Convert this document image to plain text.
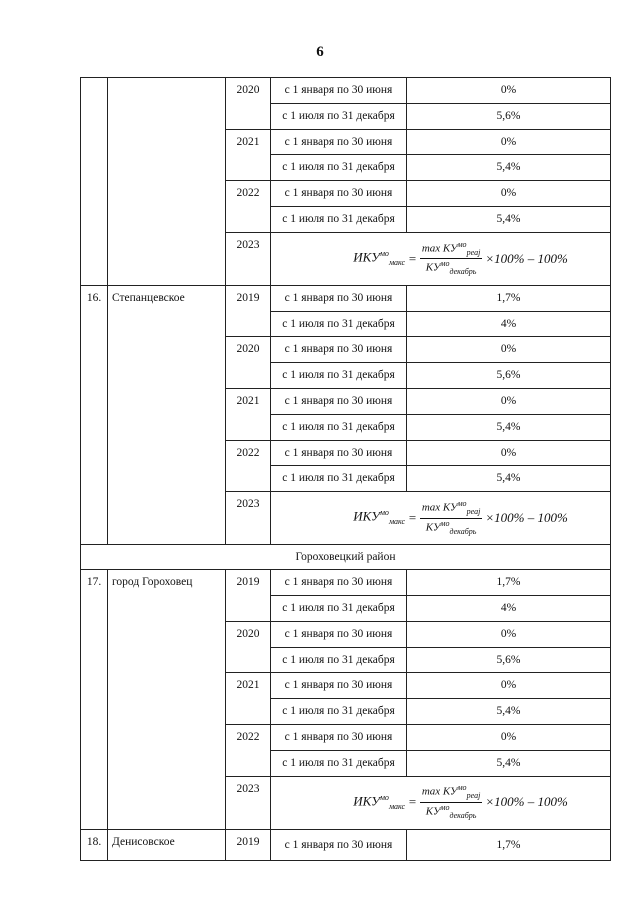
6
		2020	с 1 января по 30 июня	0%
			с 1 июля по 31 декабря	5,6%
		2021	с 1 января по 30 июня	0%
			с 1 июля по 31 декабря	5,4%
		2022	с 1 января по 30 июня	0%
			с 1 июля по 31 декабря	5,4%
		2023	$ИКУ^{мо}_{макс} = \frac{\max КУ^{мо}_{реaj}}{КУ^{мо}_{декабрь}} \times 100\% - 100\%$	

16.	Степанцевское	2019	с 1 января по 30 июня	1,7%
			с 1 июля по 31 декабря	4%
		2020	с 1 января по 30 июня	0%
			с 1 июля по 31 декабря	5,6%
		2021	с 1 января по 30 июня	0%
			с 1 июля по 31 декабря	5,4%
		2022	с 1 января по 30 июня	0%
			с 1 июля по 31 декабря	5,4%
		2023	$ИКУ^{мо}_{макс} = \frac{\max КУ^{мо}_{реaj}}{КУ^{мо}_{декабрь}} \times 100\% - 100\%$	

Гороховецкий район				
17.	город Гороховец	2019	с 1 января по 30 июня	1,7%
			с 1 июля по 31 декабря	4%
		2020	с 1 января по 30 июня	0%
			с 1 июля по 31 декабря	5,6%
		2021	с 1 января по 30 июня	0%
			с 1 июля по 31 декабря	5,4%
		2022	с 1 января по 30 июня	0%
			с 1 июля по 31 декабря	5,4%
		2023	$ИКУ^{мо}_{макс} = \frac{\max КУ^{мо}_{реaj}}{КУ^{мо}_{декабрь}} \times 100\% - 100\%$	

18.	Денисовское	2019	с 1 января по 30 июня	1,7%
